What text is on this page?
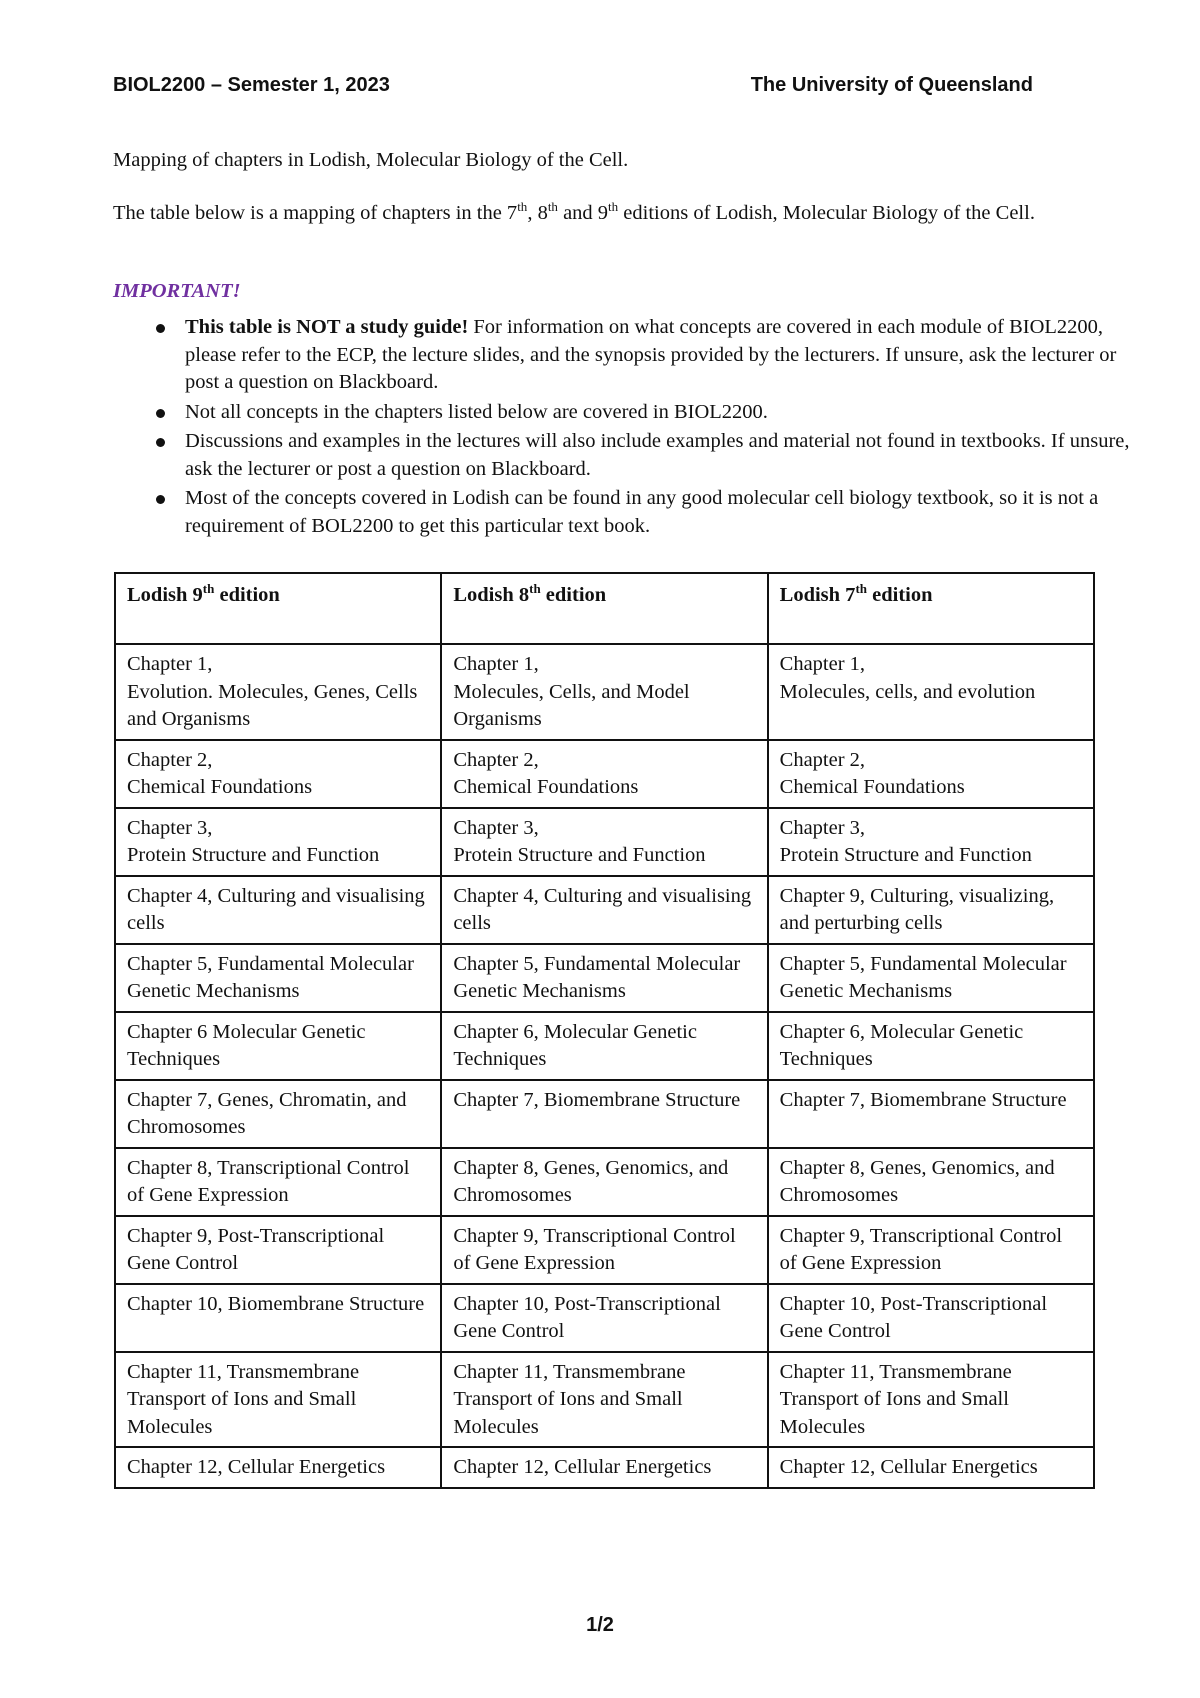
BIOL2200 – Semester 1, 2023	The University of Queensland
Mapping of chapters in Lodish, Molecular Biology of the Cell.
The table below is a mapping of chapters in the 7th, 8th and 9th editions of Lodish, Molecular Biology of the Cell.
IMPORTANT!
This table is NOT a study guide! For information on what concepts are covered in each module of BIOL2200, please refer to the ECP, the lecture slides, and the synopsis provided by the lecturers. If unsure, ask the lecturer or post a question on Blackboard.
Not all concepts in the chapters listed below are covered in BIOL2200.
Discussions and examples in the lectures will also include examples and material not found in textbooks. If unsure, ask the lecturer or post a question on Blackboard.
Most of the concepts covered in Lodish can be found in any good molecular cell biology textbook, so it is not a requirement of BOL2200 to get this particular text book.
Lodish 9th edition	Lodish 8th edition	Lodish 7th edition

Chapter 1,
Evolution. Molecules, Genes, Cells and Organisms	Chapter 1,
Molecules, Cells, and Model Organisms	Chapter 1,
Molecules, cells, and evolution

Chapter 2,
Chemical Foundations	Chapter 2,
Chemical Foundations	Chapter 2,
Chemical Foundations

Chapter 3,
Protein Structure and Function	Chapter 3,
Protein Structure and Function	Chapter 3,
Protein Structure and Function

Chapter 4, Culturing and visualising cells	Chapter 4, Culturing and visualising cells	Chapter 9, Culturing, visualizing, and perturbing cells

Chapter 5, Fundamental Molecular Genetic Mechanisms	Chapter 5, Fundamental Molecular Genetic Mechanisms	Chapter 5, Fundamental Molecular Genetic Mechanisms

Chapter 6 Molecular Genetic Techniques	Chapter 6, Molecular Genetic Techniques	Chapter 6, Molecular Genetic Techniques

Chapter 7, Genes, Chromatin, and Chromosomes	Chapter 7, Biomembrane Structure	Chapter 7, Biomembrane Structure

Chapter 8, Transcriptional Control of Gene Expression	Chapter 8, Genes, Genomics, and Chromosomes	Chapter 8, Genes, Genomics, and Chromosomes

Chapter 9, Post-Transcriptional Gene Control	Chapter 9, Transcriptional Control of Gene Expression	Chapter 9, Transcriptional Control of Gene Expression

Chapter 10, Biomembrane Structure	Chapter 10, Post-Transcriptional Gene Control	Chapter 10, Post-Transcriptional Gene Control

Chapter 11, Transmembrane Transport of Ions and Small Molecules	Chapter 11, Transmembrane Transport of Ions and Small Molecules	Chapter 11, Transmembrane Transport of Ions and Small Molecules

Chapter 12, Cellular Energetics	Chapter 12, Cellular Energetics	Chapter 12, Cellular Energetics
1/2
